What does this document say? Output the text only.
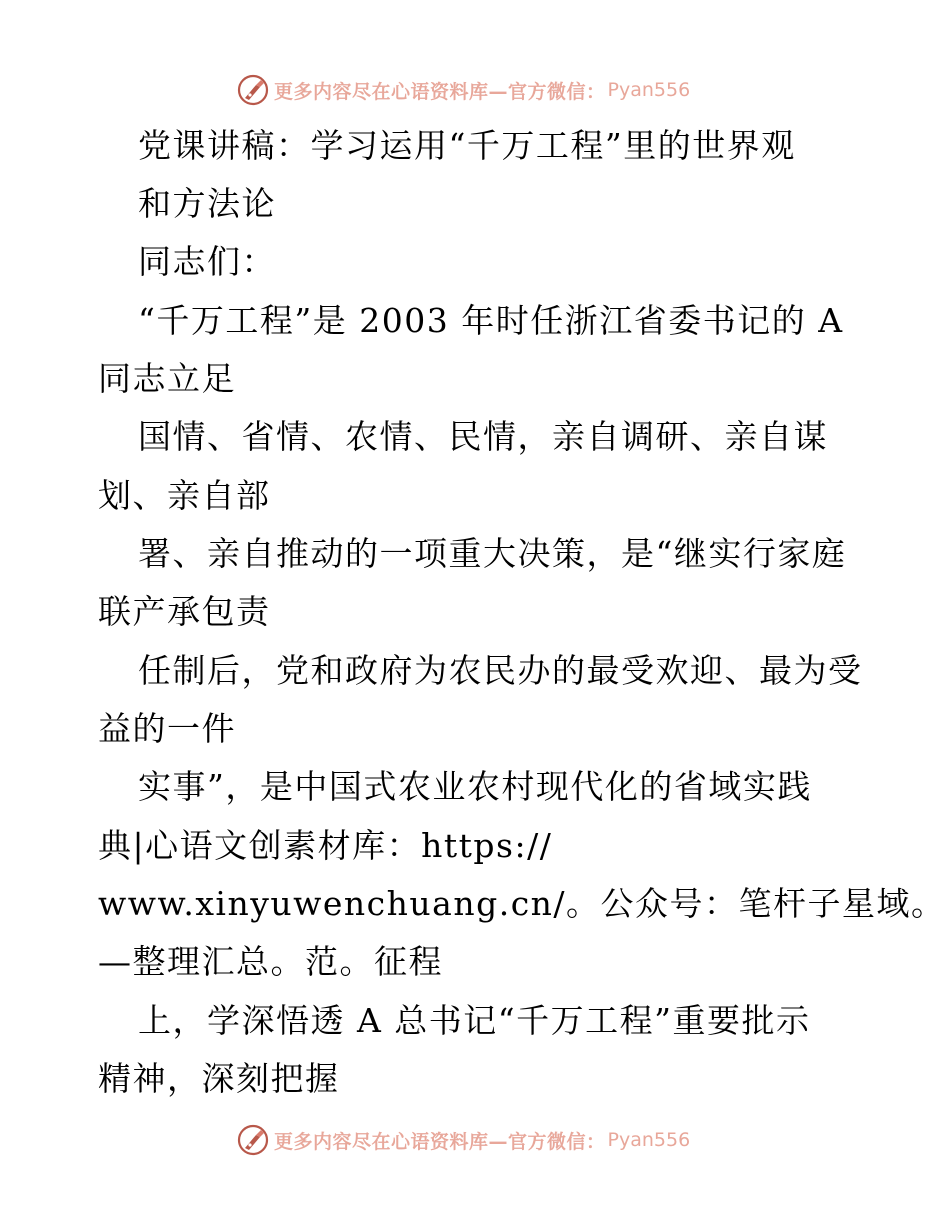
更多内容尽在心语资料库—官方微信： Pyan556
党课讲稿：学习运用“千万工程”里的世界观
和方法论
同志们：
“千万工程”是 2003 年时任浙江省委书记的 A
同志立足
国情、省情、农情、民情，亲自调研、亲自谋
划、亲自部
署、亲自推动的一项重大决策，是“继实行家庭
联产承包责
任制后，党和政府为农民办的最受欢迎、最为受
益的一件
实事”，是中国式农业农村现代化的省域实践
典|心语文创素材库：https://
www.xinyuwenchuang.cn/。公众号：笔杆子星域。
—整理汇总。范。征程
上，学深悟透 A 总书记“千万工程”重要批示
精神，深刻把握
更多内容尽在心语资料库—官方微信： Pyan556
